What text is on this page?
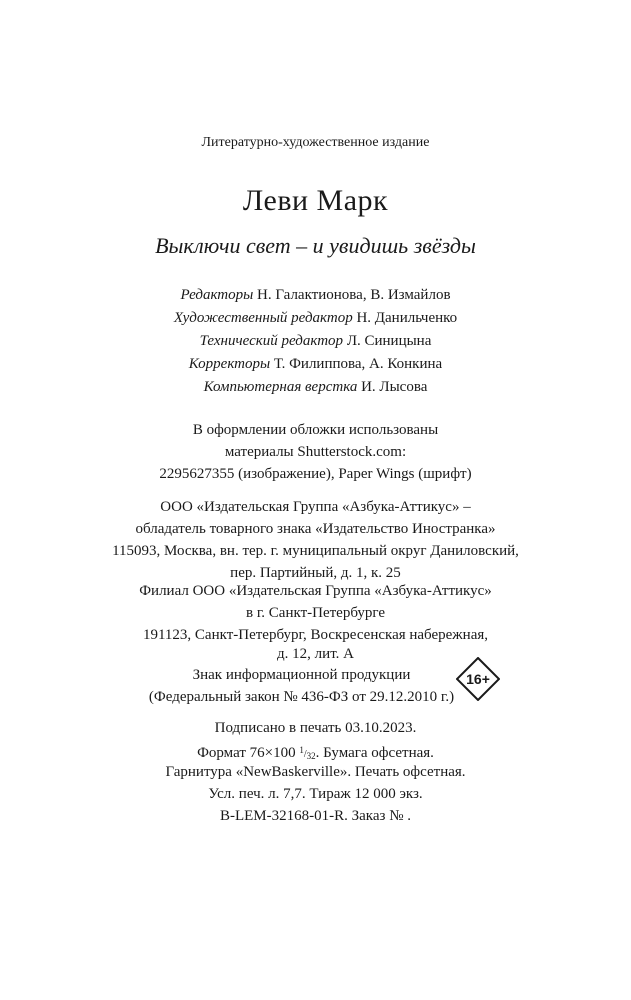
Литературно-художественное издание
Леви Марк
Выключи свет – и увидишь звёзды
Редакторы Н. Галактионова, В. Измайлов
Художественный редактор Н. Данильченко
Технический редактор Л. Синицына
Корректоры Т. Филиппова, А. Конкина
Компьютерная верстка И. Лысова
В оформлении обложки использованы
материалы Shutterstock.com:
2295627355 (изображение), Paper Wings (шрифт)
ООО «Издательская Группа «Азбука-Аттикус» –
обладатель товарного знака «Издательство Иностранка»
115093, Москва, вн. тер. г. муниципальный округ Даниловский,
пер. Партийный, д. 1, к. 25
Филиал ООО «Издательская Группа «Азбука-Аттикус»
в г. Санкт-Петербурге
191123, Санкт-Петербург, Воскресенская набережная,
д. 12, лит. А
Знак информационной продукции
(Федеральный закон № 436-ФЗ от 29.12.2010 г.)
16+
Подписано в печать 03.10.2023.
Формат 76×100 $^1/_{32}$. Бумага офсетная.
Гарнитура «NewBaskerville». Печать офсетная.
Усл. печ. л. 7,7. Тираж 12 000 экз.
B-LEM-32168-01-R. Заказ № .
